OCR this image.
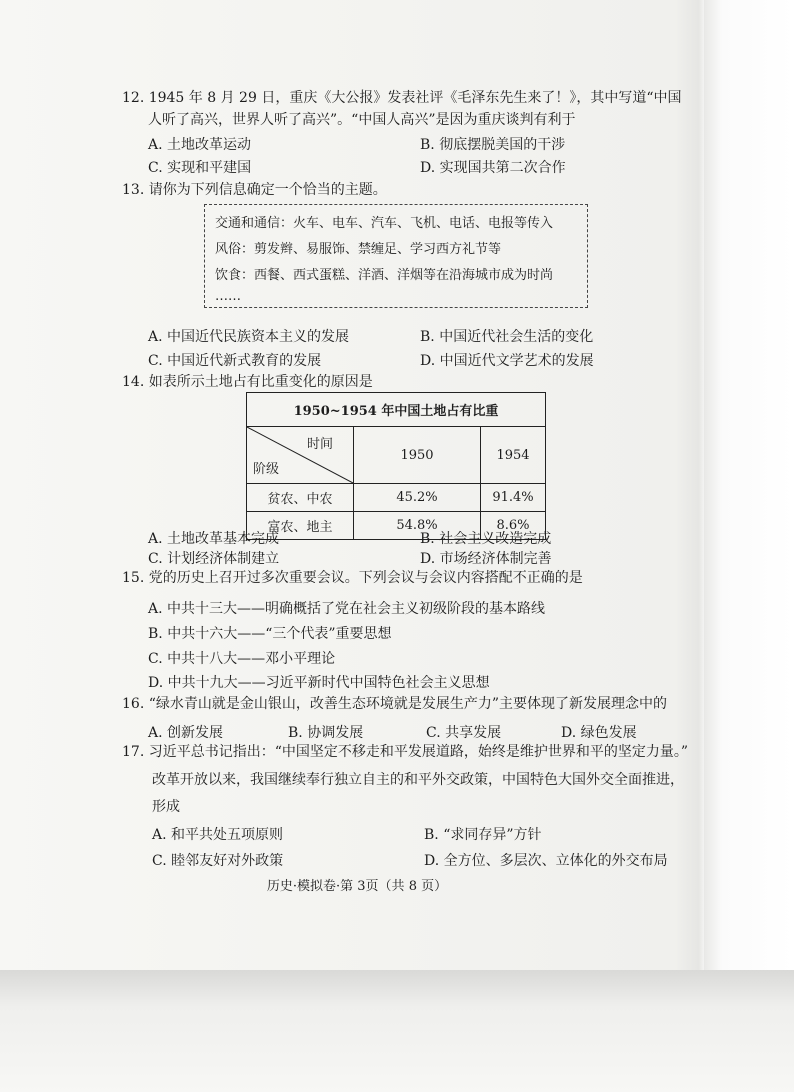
12. 1945 年 8 月 29 日，重庆《大公报》发表社评《毛泽东先生来了！》，其中写道“中国
人听了高兴，世界人听了高兴”。“中国人高兴”是因为重庆谈判有利于
A. 土地改革运动	B. 彻底摆脱美国的干涉
C. 实现和平建国	D. 实现国共第二次合作
13. 请你为下列信息确定一个恰当的主题。
交通和通信：火车、电车、汽车、飞机、电话、电报等传入
风俗：剪发辫、易服饰、禁缠足、学习西方礼节等
饮食：西餐、西式蛋糕、洋酒、洋烟等在沿海城市成为时尚
……
A. 中国近代民族资本主义的发展	B. 中国近代社会生活的变化
C. 中国近代新式教育的发展	D. 中国近代文学艺术的发展
14. 如表所示土地占有比重变化的原因是
1950~1954 年中国土地占有比重		

时间
阶级	1950	1954
贫农、中农	45.2%	91.4%
富农、地主	54.8%	8.6%
A. 土地改革基本完成	B. 社会主义改造完成
C. 计划经济体制建立	D. 市场经济体制完善
15. 党的历史上召开过多次重要会议。下列会议与会议内容搭配不正确的是
A. 中共十三大——明确概括了党在社会主义初级阶段的基本路线
B. 中共十六大——“三个代表”重要思想
C. 中共十八大——邓小平理论
D. 中共十九大——习近平新时代中国特色社会主义思想
16. “绿水青山就是金山银山，改善生态环境就是发展生产力”主要体现了新发展理念中的
A. 创新发展	B. 协调发展	C. 共享发展	D. 绿色发展
17. 习近平总书记指出：“中国坚定不移走和平发展道路，始终是维护世界和平的坚定力量。”
改革开放以来，我国继续奉行独立自主的和平外交政策，中国特色大国外交全面推进，
形成
A. 和平共处五项原则	B. “求同存异”方针
C. 睦邻友好对外政策	D. 全方位、多层次、立体化的外交布局
历史·模拟卷·第 3页（共 8 页）
